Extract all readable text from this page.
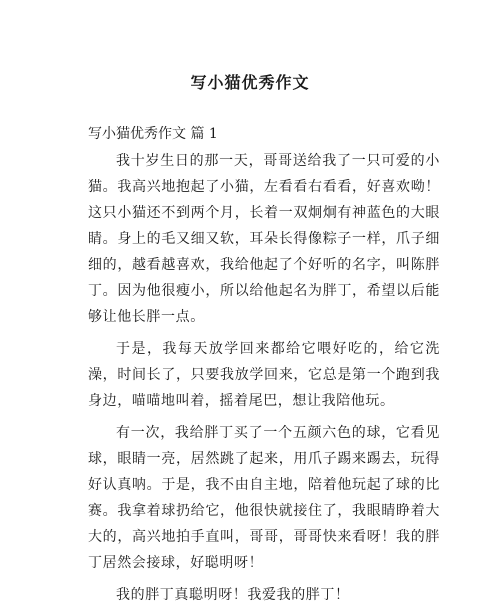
写小猫优秀作文
写小猫优秀作文 篇 1

我十岁生日的那一天，哥哥送给我了一只可爱的小猫。我高兴地抱起了小猫，左看看右看看，好喜欢呦！这只小猫还不到两个月，长着一双炯炯有神蓝色的大眼睛。身上的毛又细又软，耳朵长得像粽子一样，爪子细细的，越看越喜欢，我给他起了个好听的名字，叫陈胖丁。因为他很瘦小，所以给他起名为胖丁，希望以后能够让他长胖一点。

于是，我每天放学回来都给它喂好吃的，给它洗澡，时间长了，只要我放学回来，它总是第一个跑到我身边，喵喵地叫着，摇着尾巴，想让我陪他玩。

有一次，我给胖丁买了一个五颜六色的球，它看见球，眼睛一亮，居然跳了起来，用爪子踢来踢去，玩得好认真呐。于是，我不由自主地，陪着他玩起了球的比赛。我拿着球扔给它，他很快就接住了，我眼睛睁着大大的，高兴地拍手直叫，哥哥，哥哥快来看呀！我的胖丁居然会接球，好聪明呀！

我的胖丁真聪明呀！我爱我的胖丁！
